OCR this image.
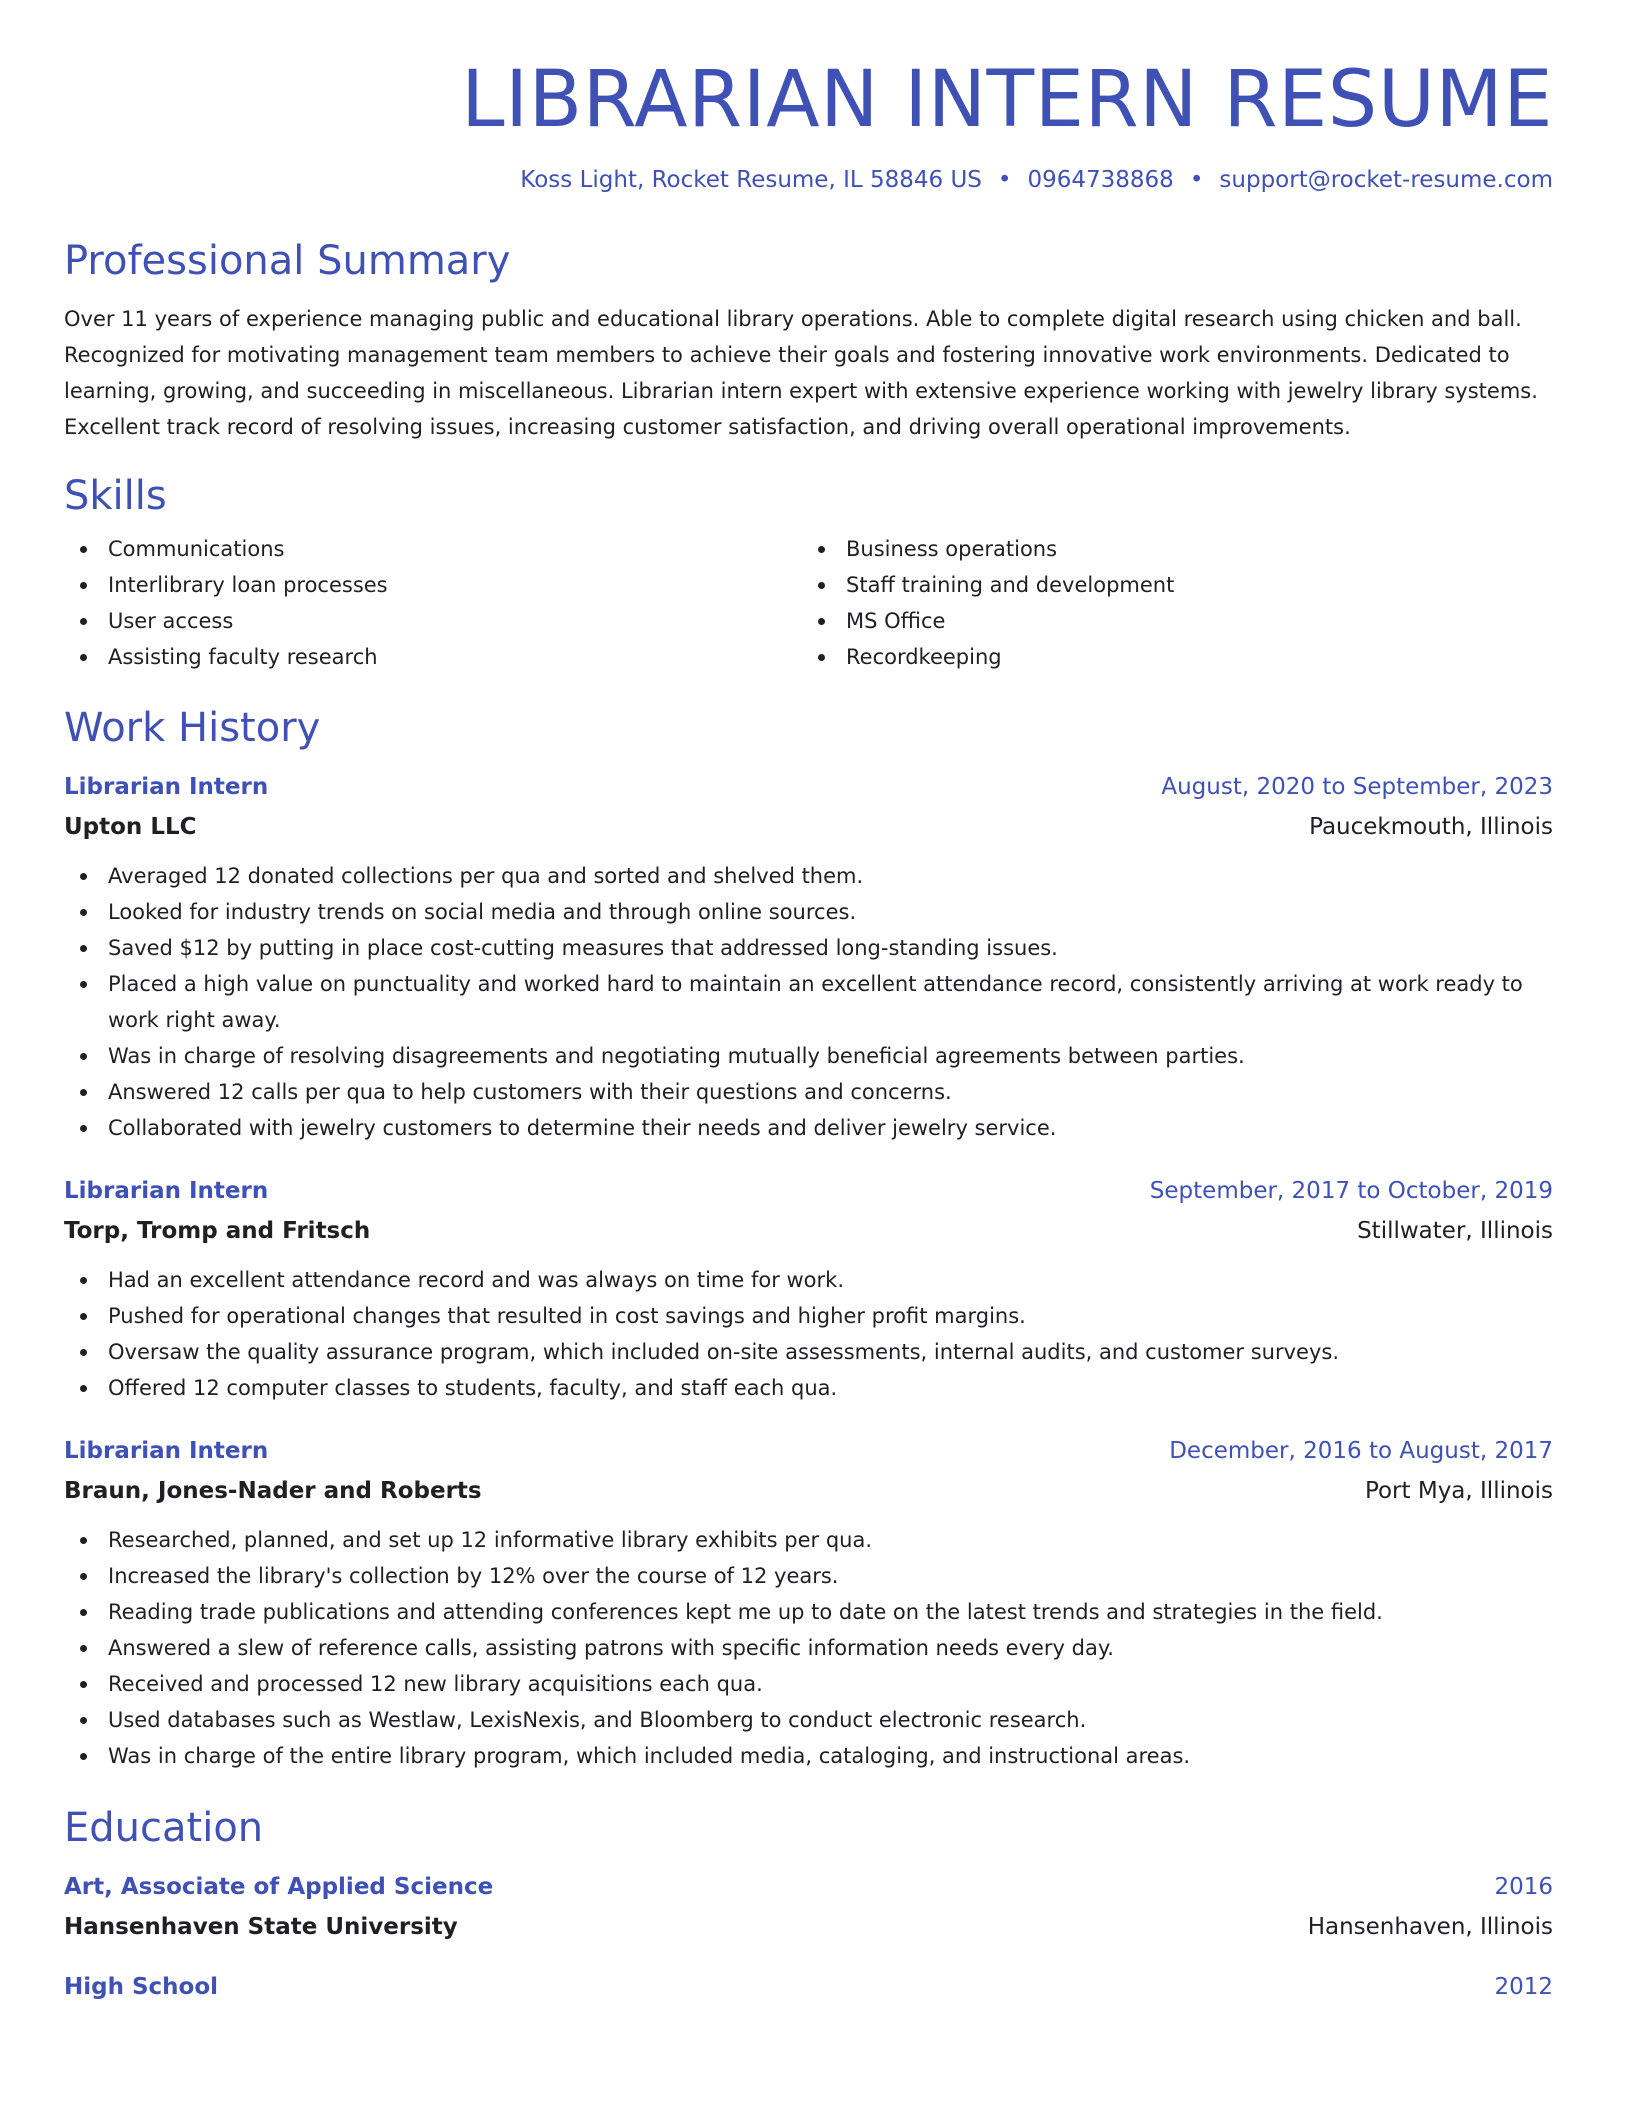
LIBRARIAN INTERN RESUME
Koss Light, Rocket Resume, IL 58846 US • 0964738868 • support@rocket-resume.com
Professional Summary
Over 11 years of experience managing public and educational library operations. Able to complete digital research using chicken and ball. Recognized for motivating management team members to achieve their goals and fostering innovative work environments. Dedicated to learning, growing, and succeeding in miscellaneous. Librarian intern expert with extensive experience working with jewelry library systems. Excellent track record of resolving issues, increasing customer satisfaction, and driving overall operational improvements.
Skills
Communications
Interlibrary loan processes
User access
Assisting faculty research
Business operations
Staff training and development
MS Office
Recordkeeping
Work History
Librarian Intern	August, 2020 to September, 2023
Upton LLC	Paucekmouth, Illinois
Averaged 12 donated collections per qua and sorted and shelved them.
Looked for industry trends on social media and through online sources.
Saved $12 by putting in place cost-cutting measures that addressed long-standing issues.
Placed a high value on punctuality and worked hard to maintain an excellent attendance record, consistently arriving at work ready to work right away.
Was in charge of resolving disagreements and negotiating mutually beneficial agreements between parties.
Answered 12 calls per qua to help customers with their questions and concerns.
Collaborated with jewelry customers to determine their needs and deliver jewelry service.
Librarian Intern	September, 2017 to October, 2019
Torp, Tromp and Fritsch	Stillwater, Illinois
Had an excellent attendance record and was always on time for work.
Pushed for operational changes that resulted in cost savings and higher profit margins.
Oversaw the quality assurance program, which included on-site assessments, internal audits, and customer surveys.
Offered 12 computer classes to students, faculty, and staff each qua.
Librarian Intern	December, 2016 to August, 2017
Braun, Jones-Nader and Roberts	Port Mya, Illinois
Researched, planned, and set up 12 informative library exhibits per qua.
Increased the library's collection by 12% over the course of 12 years.
Reading trade publications and attending conferences kept me up to date on the latest trends and strategies in the field.
Answered a slew of reference calls, assisting patrons with specific information needs every day.
Received and processed 12 new library acquisitions each qua.
Used databases such as Westlaw, LexisNexis, and Bloomberg to conduct electronic research.
Was in charge of the entire library program, which included media, cataloging, and instructional areas.
Education
Art, Associate of Applied Science	2016
Hansenhaven State University	Hansenhaven, Illinois
High School	2012
